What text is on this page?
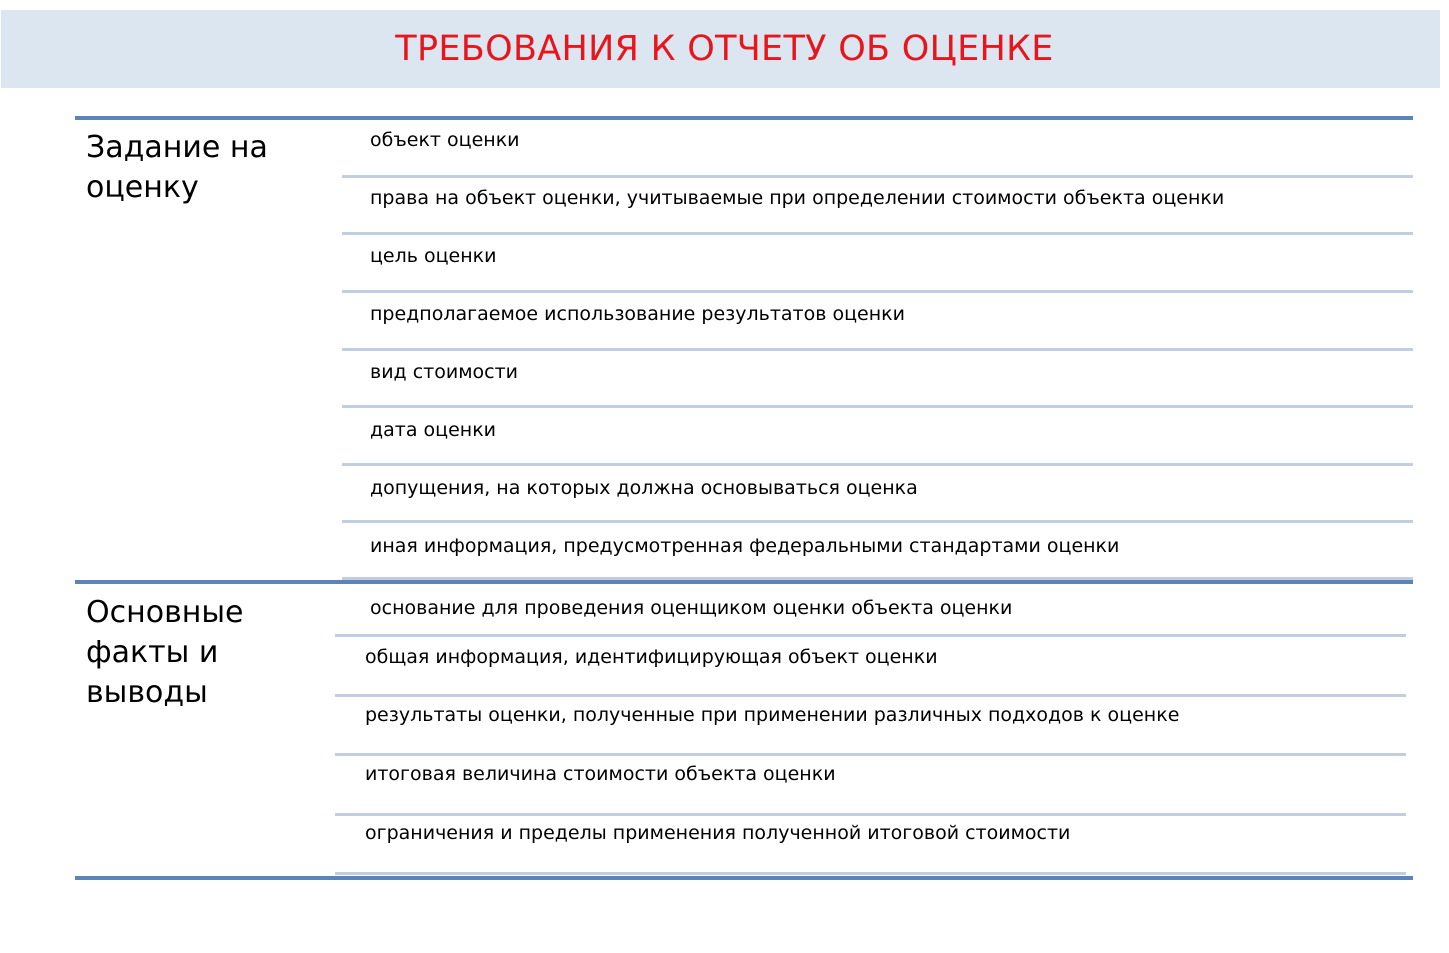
ТРЕБОВАНИЯ К ОТЧЕТУ ОБ ОЦЕНКЕ
Задание на
оценку
объект оценки
права на объект оценки, учитываемые при определении стоимости объекта оценки
цель оценки
предполагаемое использование результатов оценки
вид стоимости
дата оценки
допущения, на которых должна основываться оценка
иная информация, предусмотренная федеральными стандартами оценки
Основные
факты и
выводы
основание для проведения оценщиком оценки объекта оценки
общая информация, идентифицирующая объект оценки
результаты оценки, полученные при применении различных подходов к оценке
итоговая величина стоимости объекта оценки
ограничения и пределы применения полученной итоговой стоимости
